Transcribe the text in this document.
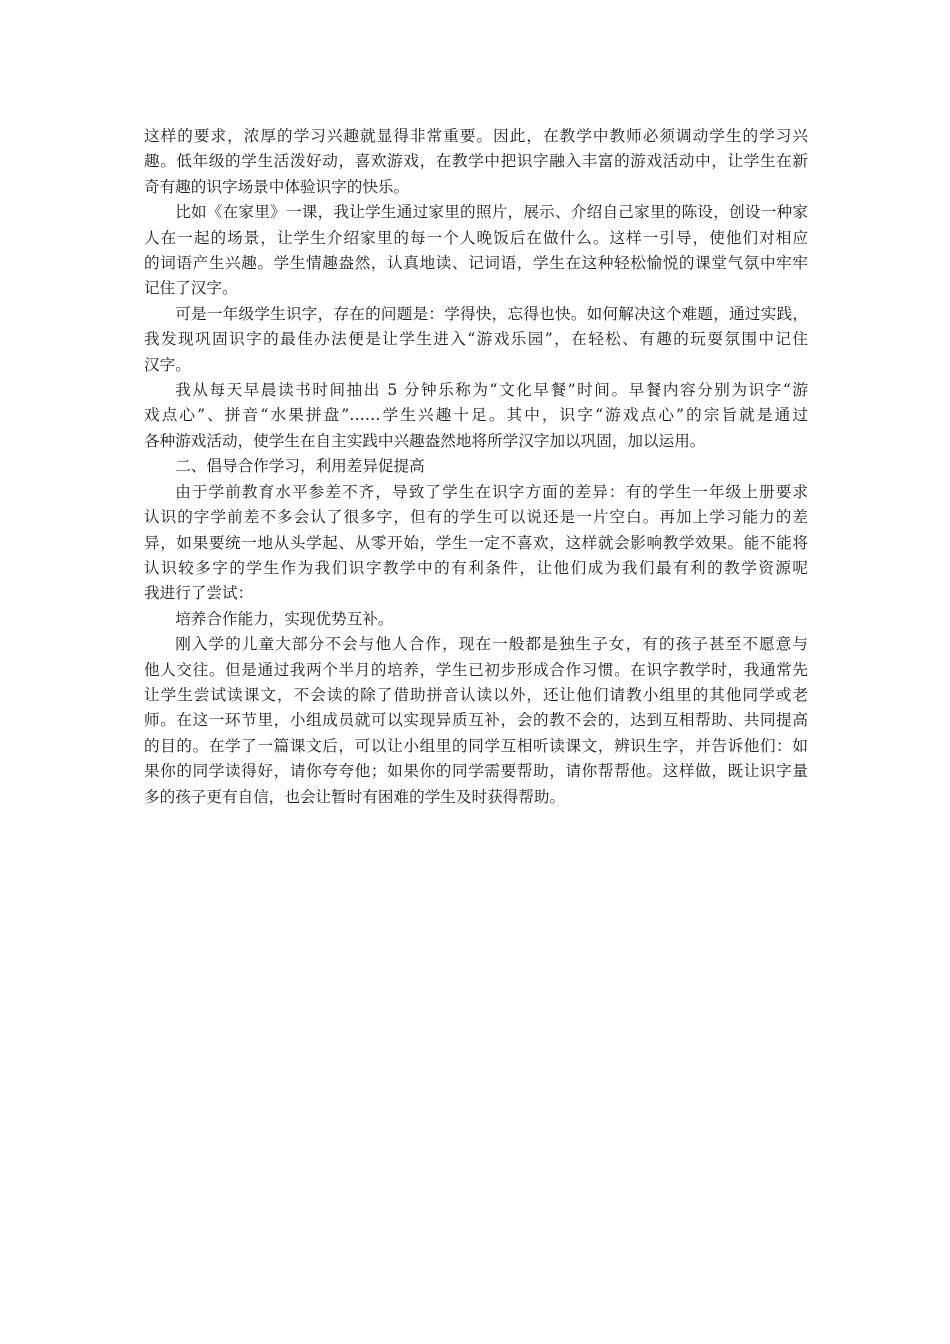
这样的要求，浓厚的学习兴趣就显得非常重要。因此，在教学中教师必须调动学生的学习兴
趣。低年级的学生活泼好动，喜欢游戏，在教学中把识字融入丰富的游戏活动中，让学生在新
奇有趣的识字场景中体验识字的快乐。
比如《在家里》一课，我让学生通过家里的照片，展示、介绍自己家里的陈设，创设一种家
人在一起的场景，让学生介绍家里的每一个人晚饭后在做什么。这样一引导，使他们对相应
的词语产生兴趣。学生情趣盎然，认真地读、记词语，学生在这种轻松愉悦的课堂气氛中牢牢
记住了汉字。
可是一年级学生识字，存在的问题是：学得快，忘得也快。如何解决这个难题，通过实践，
我发现巩固识字的最佳办法便是让学生进入“游戏乐园”，在轻松、有趣的玩耍氛围中记住
汉字。
我从每天早晨读书时间抽出 5 分钟乐称为“文化早餐”时间。早餐内容分别为识字“游
戏点心”、拼音“水果拼盘”……学生兴趣十足。其中，识字“游戏点心”的宗旨就是通过
各种游戏活动，使学生在自主实践中兴趣盎然地将所学汉字加以巩固，加以运用。
二、倡导合作学习，利用差异促提高
由于学前教育水平参差不齐，导致了学生在识字方面的差异：有的学生一年级上册要求
认识的字学前差不多会认了很多字，但有的学生可以说还是一片空白。再加上学习能力的差
异，如果要统一地从头学起、从零开始，学生一定不喜欢，这样就会影响教学效果。能不能将
认识较多字的学生作为我们识字教学中的有利条件，让他们成为我们最有利的教学资源呢
我进行了尝试：
培养合作能力，实现优势互补。
刚入学的儿童大部分不会与他人合作，现在一般都是独生子女，有的孩子甚至不愿意与
他人交往。但是通过我两个半月的培养，学生已初步形成合作习惯。在识字教学时，我通常先
让学生尝试读课文，不会读的除了借助拼音认读以外，还让他们请教小组里的其他同学或老
师。在这一环节里，小组成员就可以实现异质互补，会的教不会的，达到互相帮助、共同提高
的目的。在学了一篇课文后，可以让小组里的同学互相听读课文，辨识生字，并告诉他们：如
果你的同学读得好，请你夸夸他；如果你的同学需要帮助，请你帮帮他。这样做，既让识字量
多的孩子更有自信，也会让暂时有困难的学生及时获得帮助。
